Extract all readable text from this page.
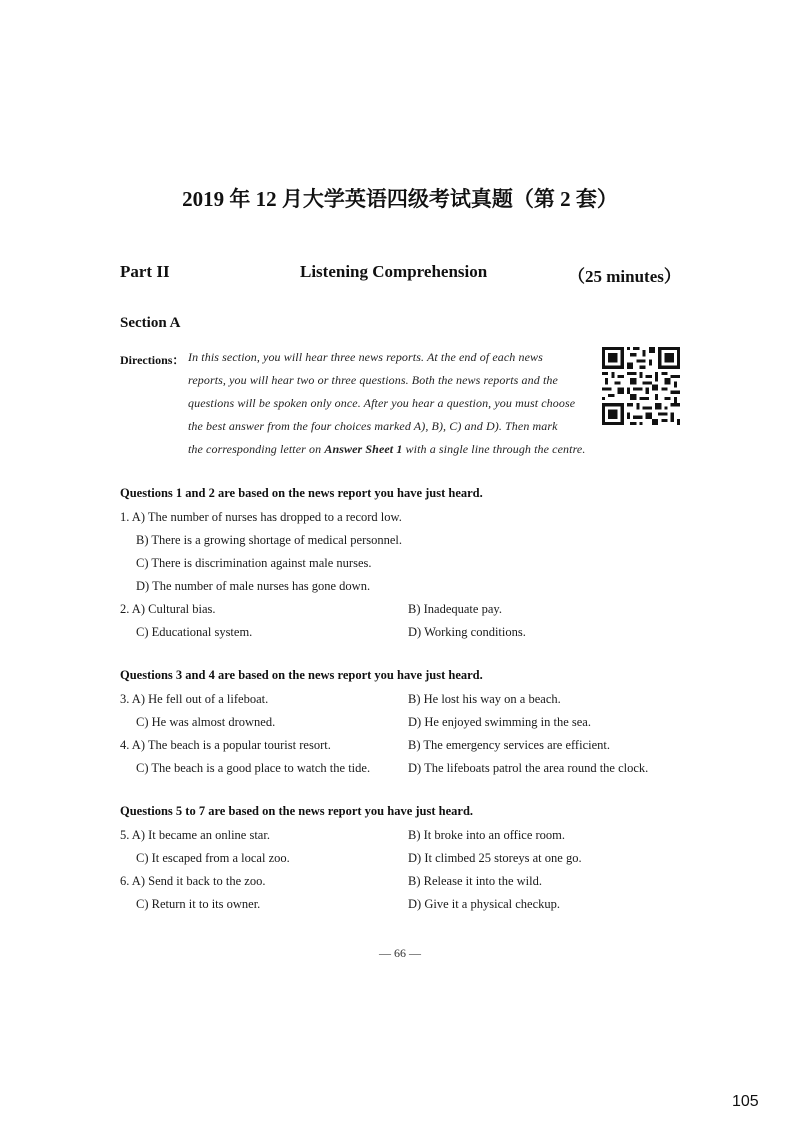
2019 年 12 月大学英语四级考试真题（第 2 套）
Part II	Listening Comprehension	（25 minutes）
Section A
Directions： In this section, you will hear three news reports. At the end of each news
reports, you will hear two or three questions. Both the news reports and the
questions will be spoken only once. After you hear a question, you must choose
the best answer from the four choices marked A), B), C) and D). Then mark
the corresponding letter on Answer Sheet 1 with a single line through the centre.
Questions 1 and 2 are based on the news report you have just heard.
1. A) The number of nurses has dropped to a record low.
B) There is a growing shortage of medical personnel.
C) There is discrimination against male nurses.
D) The number of male nurses has gone down.
2. A) Cultural bias.	B) Inadequate pay.
C) Educational system.	D) Working conditions.
Questions 3 and 4 are based on the news report you have just heard.
3. A) He fell out of a lifeboat.	B) He lost his way on a beach.
C) He was almost drowned.	D) He enjoyed swimming in the sea.
4. A) The beach is a popular tourist resort.	B) The emergency services are efficient.
C) The beach is a good place to watch the tide.	D) The lifeboats patrol the area round the clock.
Questions 5 to 7 are based on the news report you have just heard.
5. A) It became an online star.	B) It broke into an office room.
C) It escaped from a local zoo.	D) It climbed 25 storeys at one go.
6. A) Send it back to the zoo.	B) Release it into the wild.
C) Return it to its owner.	D) Give it a physical checkup.
— 66 —
105
